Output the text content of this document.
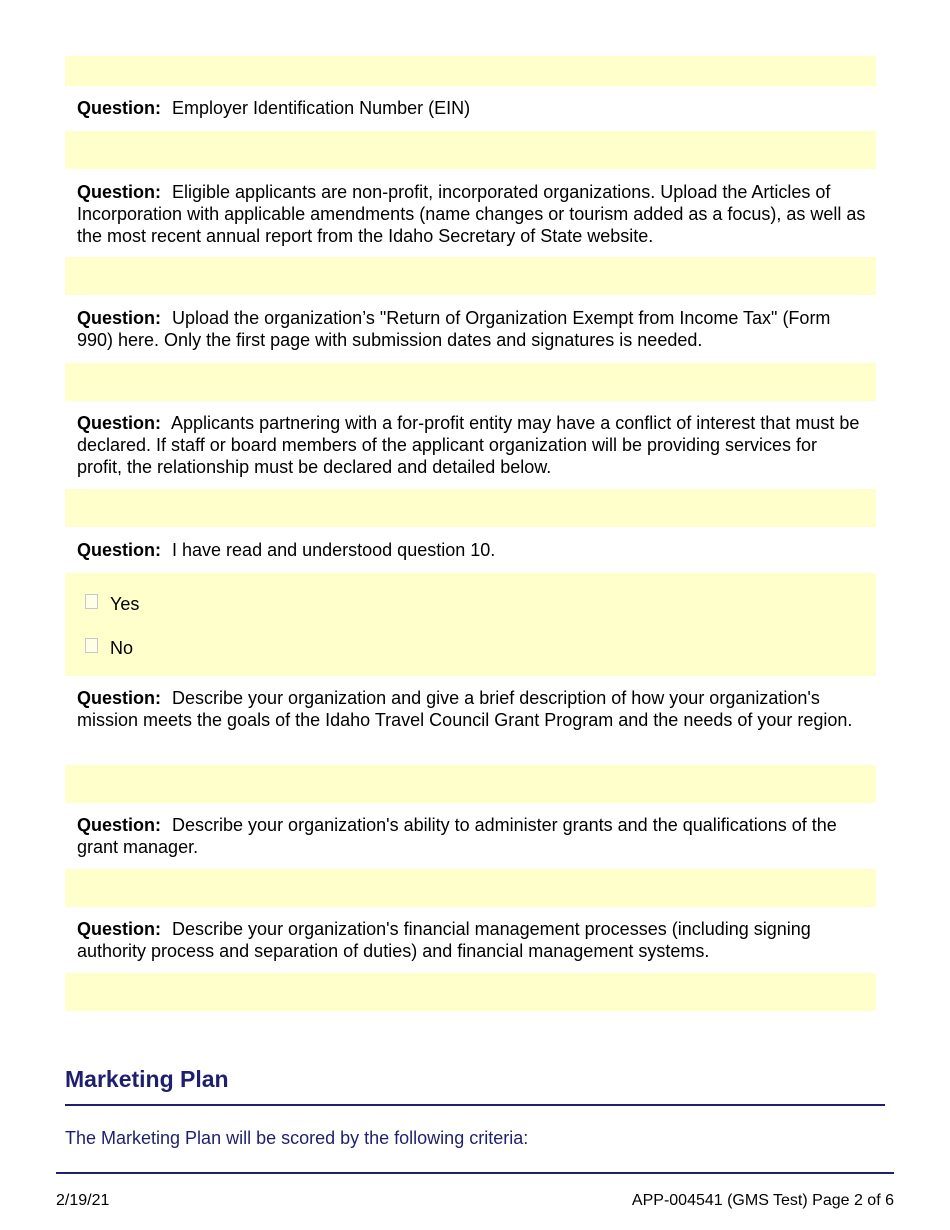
Question: Employer Identification Number (EIN)

Question: Eligible applicants are non-profit, incorporated organizations. Upload the Articles of Incorporation with applicable amendments (name changes or tourism added as a focus), as well as the most recent annual report from the Idaho Secretary of State website.

Question: Upload the organization’s "Return of Organization Exempt from Income Tax" (Form 990) here. Only the first page with submission dates and signatures is needed.

Question: Applicants partnering with a for-profit entity may have a conflict of interest that must be declared. If staff or board members of the applicant organization will be providing services for profit, the relationship must be declared and detailed below.

Question: I have read and understood question 10.

Yes
No

Question: Describe your organization and give a brief description of how your organization's mission meets the goals of the Idaho Travel Council Grant Program and the needs of your region.

Question: Describe your organization's ability to administer grants and the qualifications of the grant manager.

Question: Describe your organization's financial management processes (including signing authority process and separation of duties) and financial management systems.

Marketing Plan

The Marketing Plan will be scored by the following criteria:

2/19/21	APP-004541 (GMS Test) Page 2 of 6
